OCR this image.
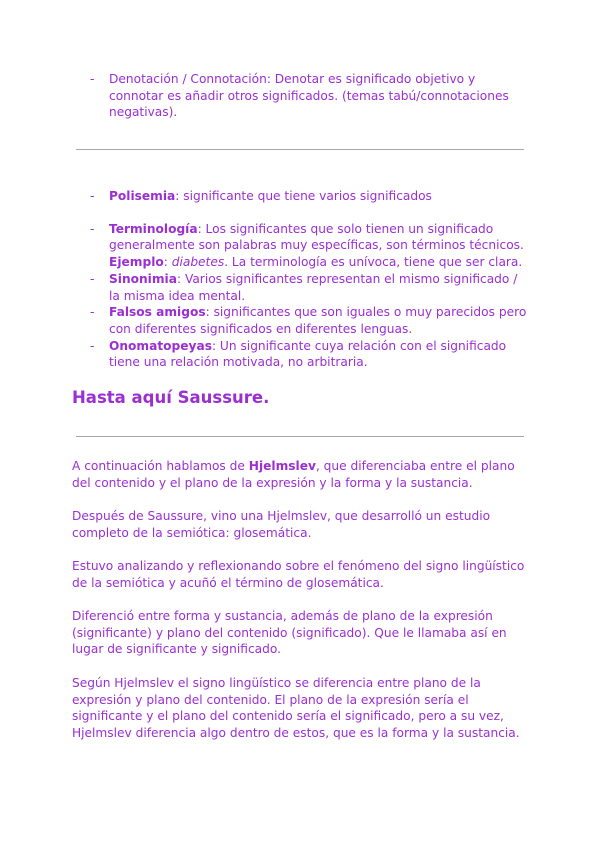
- Denotación / Connotación: Denotar es significado objetivo y connotar es añadir otros significados. (temas tabú/connotaciones negativas).
- Polisemia: significante que tiene varios significados
- Terminología: Los significantes que solo tienen un significado generalmente son palabras muy específicas, son términos técnicos. Ejemplo: diabetes. La terminología es unívoca, tiene que ser clara.
- Sinonimia: Varios significantes representan el mismo significado / la misma idea mental.
- Falsos amigos: significantes que son iguales o muy parecidos pero con diferentes significados en diferentes lenguas.
- Onomatopeyas: Un significante cuya relación con el significado tiene una relación motivada, no arbitraria.
Hasta aquí Saussure.
A continuación hablamos de Hjelmslev, que diferenciaba entre el plano del contenido y el plano de la expresión y la forma y la sustancia.
Después de Saussure, vino una Hjelmslev, que desarrolló un estudio completo de la semiótica: glosemática.
Estuvo analizando y reflexionando sobre el fenómeno del signo lingüístico de la semiótica y acuñó el término de glosemática.
Diferenció entre forma y sustancia, además de plano de la expresión (significante) y plano del contenido (significado). Que le llamaba así en lugar de significante y significado.
Según Hjelmslev el signo lingüístico se diferencia entre plano de la expresión y plano del contenido. El plano de la expresión sería el significante y el plano del contenido sería el significado, pero a su vez, Hjelmslev diferencia algo dentro de estos, que es la forma y la sustancia.
